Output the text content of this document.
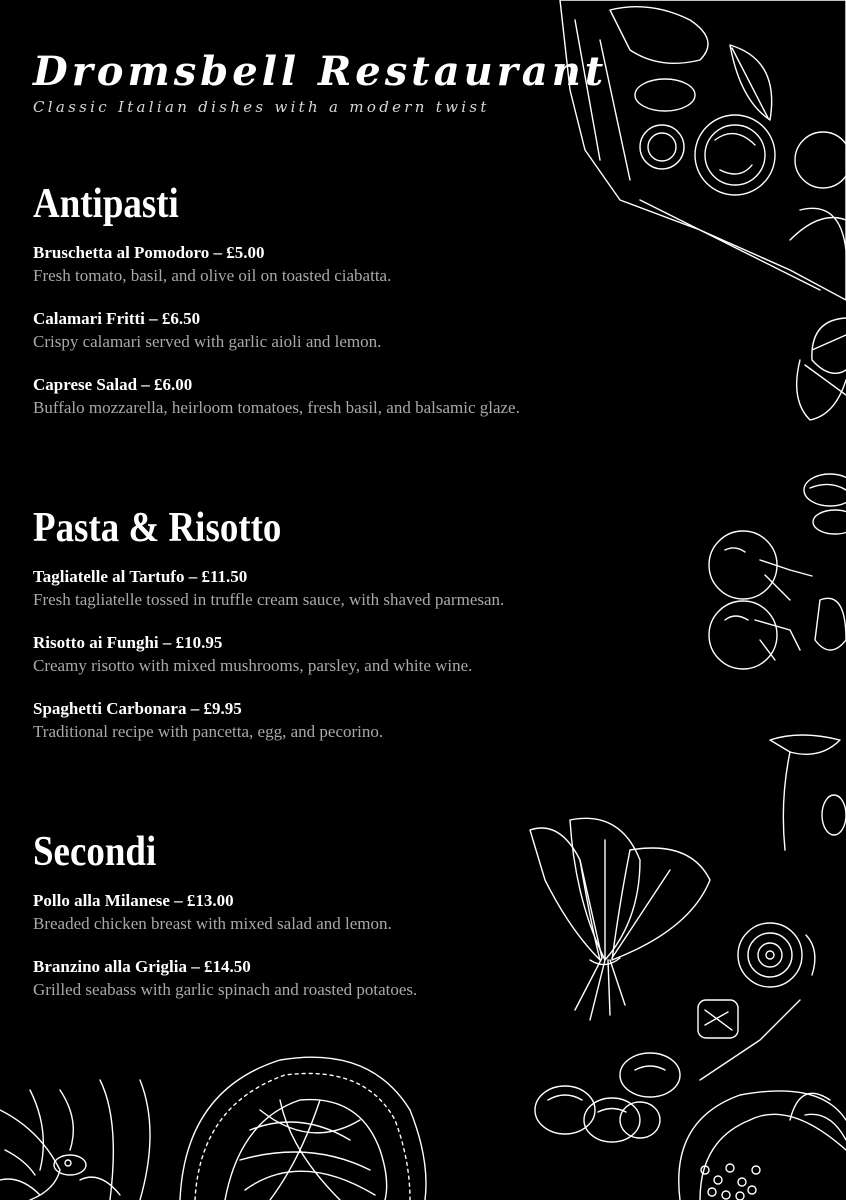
Dromsbell Restaurant
Classic Italian dishes with a modern twist
Antipasti
Bruschetta al Pomodoro – £5.00
Fresh tomato, basil, and olive oil on toasted ciabatta.
Calamari Fritti – £6.50
Crispy calamari served with garlic aioli and lemon.
Caprese Salad – £6.00
Buffalo mozzarella, heirloom tomatoes, fresh basil, and balsamic glaze.
Pasta & Risotto
Tagliatelle al Tartufo – £11.50
Fresh tagliatelle tossed in truffle cream sauce, with shaved parmesan.
Risotto ai Funghi – £10.95
Creamy risotto with mixed mushrooms, parsley, and white wine.
Spaghetti Carbonara – £9.95
Traditional recipe with pancetta, egg, and pecorino.
Secondi
Pollo alla Milanese – £13.00
Breaded chicken breast with mixed salad and lemon.
Branzino alla Griglia – £14.50
Grilled seabass with garlic spinach and roasted potatoes.
